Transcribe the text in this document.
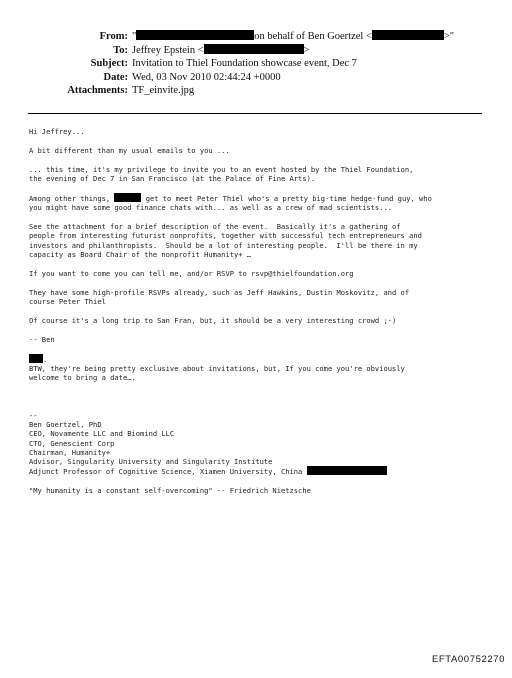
From: "	on behalf of Ben Goertzel <	>"
To: Jeffrey Epstein <	>
Subject: Invitation to Thiel Foundation showcase event, Dec 7
Date: Wed, 03 Nov 2010 02:44:24 +0000
Attachments: TF_einvite.jpg
Hi Jeffrey...
A bit different than my usual emails to you ...
... this time, it's my privilege to invite you to an event hosted by the Thiel Foundation,
the evening of Dec 7 in San Francisco (at the Palace of Fine Arts).
Among other things,	get to meet Peter Thiel who's a pretty big-time hedge-fund guy, who
you might have some good finance chats with... as well as a crew of mad scientists...
See the attachment for a brief description of the event.  Basically it's a gathering of
people from interesting futurist nonprofits, together with successful tech entrepreneurs and
investors and philanthropists.  Should be a lot of interesting people.  I'll be there in my
capacity as Board Chair of the nonprofit Humanity+ …
If you want to come you can tell me, and/or RSVP to rsvp@thielfoundation.org
They have some high-profile RSVPs already, such as Jeff Hawkins, Dustin Moskovitz, and of
course Peter Thiel
Of course it's a long trip to San Fran, but, it should be a very interesting crowd ;-)
-- Ben
.
BTW, they're being pretty exclusive about invitations, but, If you come you're obviously
welcome to bring a date….
--
Ben Goertzel, PhD
CEO, Novamente LLC and Biomind LLC
CTO, Genescient Corp
Chairman, Humanity+
Advisor, Singularity University and Singularity Institute
Adjunct Professor of Cognitive Science, Xiamen University, China
"My humanity is a constant self-overcoming" -- Friedrich Nietzsche
EFTA00752270
